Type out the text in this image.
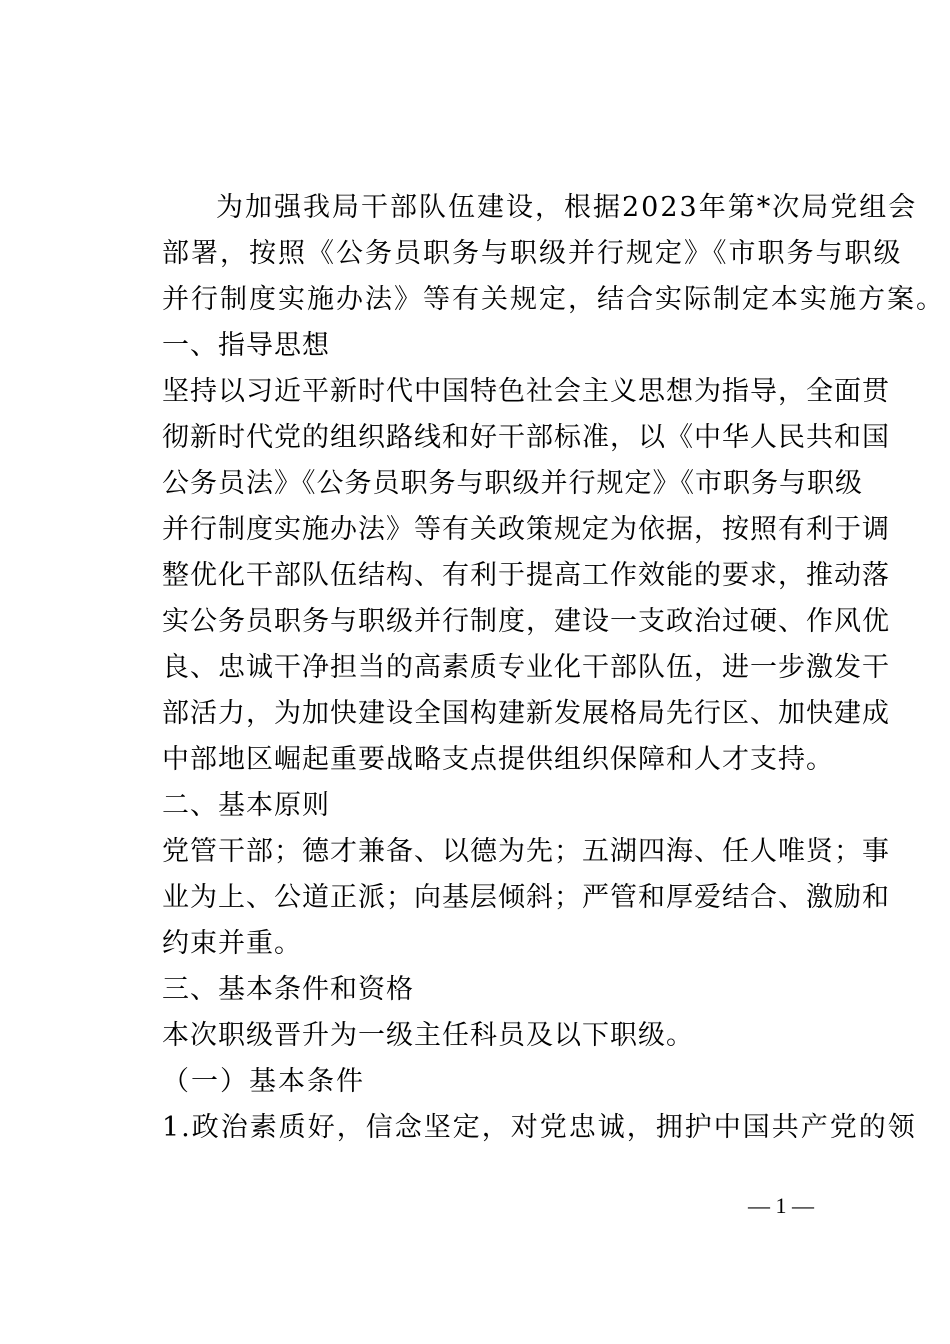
为加强我局干部队伍建设，根据2023年第*次局党组会
部署，按照《公务员职务与职级并行规定》《市职务与职级
并行制度实施办法》等有关规定，结合实际制定本实施方案。
一、指导思想
坚持以习近平新时代中国特色社会主义思想为指导，全面贯
彻新时代党的组织路线和好干部标准，以《中华人民共和国
公务员法》《公务员职务与职级并行规定》《市职务与职级
并行制度实施办法》等有关政策规定为依据，按照有利于调
整优化干部队伍结构、有利于提高工作效能的要求，推动落
实公务员职务与职级并行制度，建设一支政治过硬、作风优
良、忠诚干净担当的高素质专业化干部队伍，进一步激发干
部活力，为加快建设全国构建新发展格局先行区、加快建成
中部地区崛起重要战略支点提供组织保障和人才支持。
二、基本原则
党管干部；德才兼备、以德为先；五湖四海、任人唯贤；事
业为上、公道正派；向基层倾斜；严管和厚爱结合、激励和
约束并重。
三、基本条件和资格
本次职级晋升为一级主任科员及以下职级。
（一）基本条件
1.政治素质好，信念坚定，对党忠诚，拥护中国共产党的领
— 1 —
